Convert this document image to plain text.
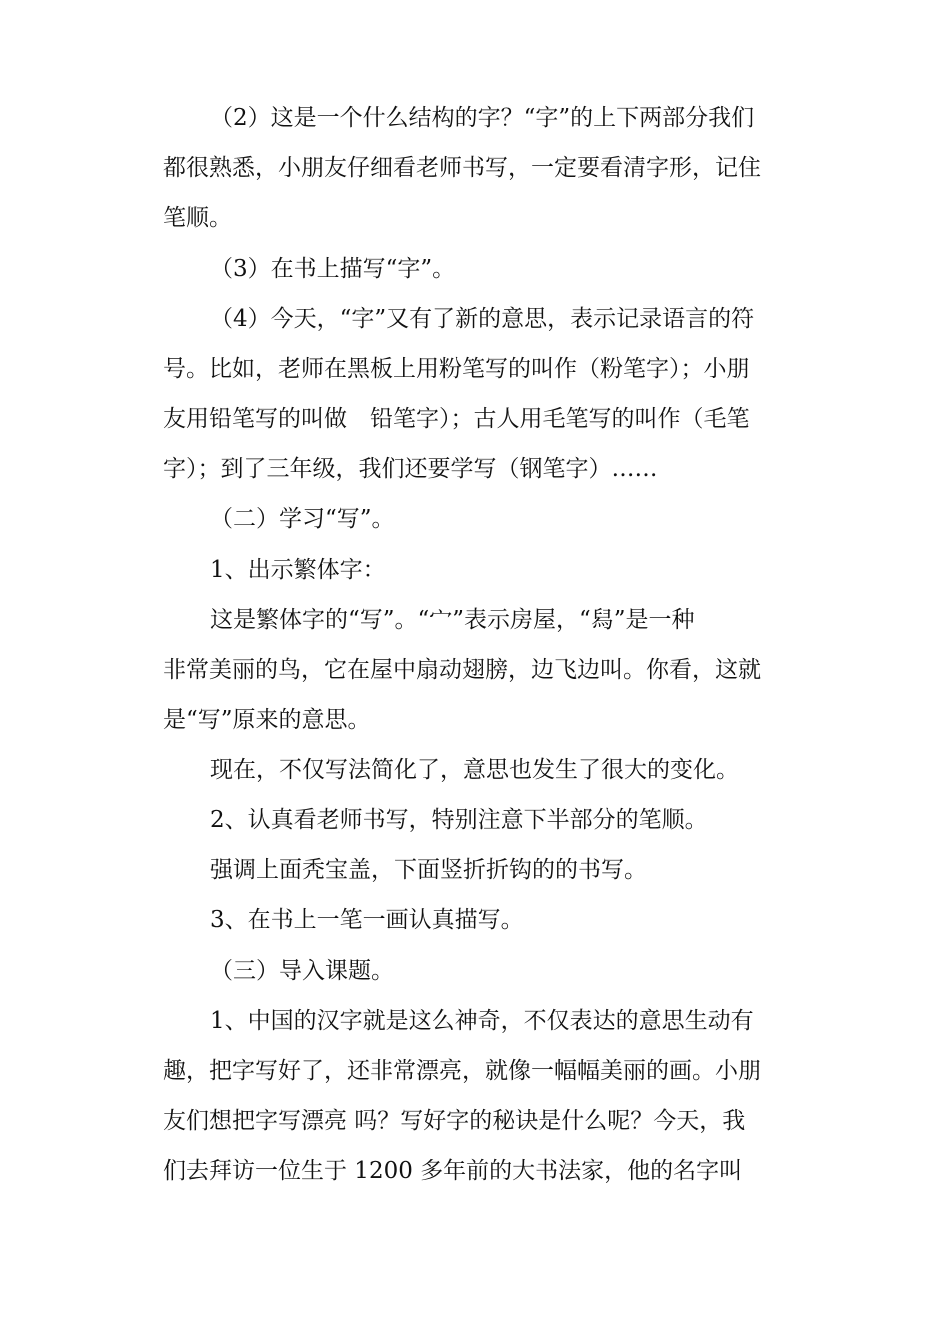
（2）这是一个什么结构的字？“字”的上下两部分我们
都很熟悉，小朋友仔细看老师书写，一定要看清字形，记住
笔顺。
（3）在书上描写“字”。
（4）今天，“字”又有了新的意思，表示记录语言的符
号。比如，老师在黑板上用粉笔写的叫作（粉笔字）；小朋
友用铅笔写的叫做　铅笔字）；古人用毛笔写的叫作（毛笔
字）；到了三年级，我们还要学写（钢笔字）……
（二）学习“写”。
1、出示繁体字：
这是繁体字的“写”。“宀”表示房屋，“舄”是一种
非常美丽的鸟，它在屋中扇动翅膀，边飞边叫。你看，这就
是“写”原来的意思。
现在，不仅写法简化了，意思也发生了很大的变化。
2、认真看老师书写，特别注意下半部分的笔顺。
强调上面秃宝盖，下面竖折折钩的的书写。
3、在书上一笔一画认真描写。
（三）导入课题。
1、中国的汉字就是这么神奇，不仅表达的意思生动有
趣，把字写好了，还非常漂亮，就像一幅幅美丽的画。小朋
友们想把字写漂亮 吗？写好字的秘诀是什么呢？今天，我
们去拜访一位生于 1200 多年前的大书法家，他的名字叫
